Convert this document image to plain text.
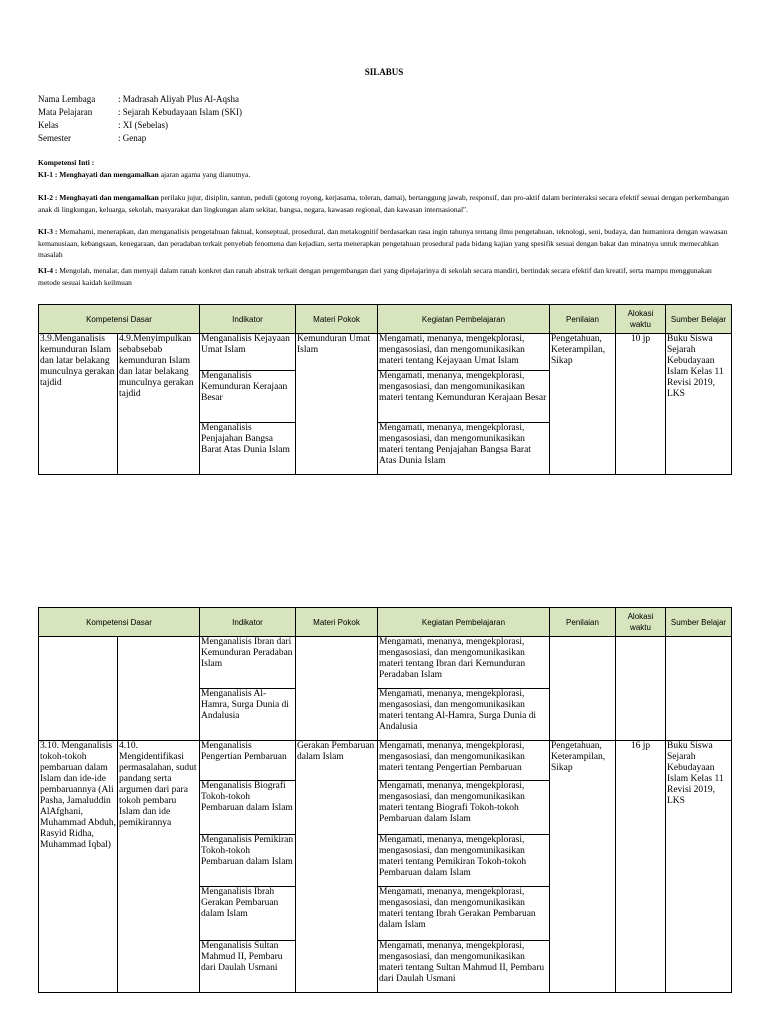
SILABUS
Nama Lembaga	: Madrasah Aliyah Plus Al-Aqsha
Mata Pelajaran	: Sejarah Kebudayaan Islam (SKI)
Kelas	: XI (Sebelas)
Semester	: Genap
Kompetensi Inti :
KI-1 : Menghayati dan mengamalkan ajaran agama yang dianutnya.
KI-2 : Menghayati dan mengamalkan perilaku jujur, disiplin, santun, peduli (gotong royong, kerjasama, toleran, damai), bertanggung jawab, responsif, dan pro-aktif dalam berinteraksi secara efektif sesuai dengan perkembangan anak di lingkungan, keluarga, sekolah, masyarakat dan lingkungan alam sekitar, bangsa, negara, kawasan regional, dan kawasan internasional".
KI-3 : Memahami, menerapkan, dan menganalisis pengetahuan faktual, konseptual, prosedural, dan metakognitif berdasarkan rasa ingin tahunya tentang ilmu pengetahuan, teknologi, seni, budaya, dan humaniora dengan wawasan kemanusiaan, kebangsaan, kenegaraan, dan peradaban terkait penyebab fenomena dan kejadian, serta menerapkan pengetahuan prosedural pada bidang kajian yang spesifik sesuai dengan bakat dan minatnya untuk memecahkan masalah
KI-4 : Mengolah, menalar, dan menyaji dalam ranah konkret dan ranah abstrak terkait dengan pengembangan dari yang dipelajarinya di sekolah secara mandiri, bertindak secara efektif dan kreatif, serta mampu menggunakan metode sesuai kaidah keilmuan
Kompetensi Dasar		Indikator	Materi Pokok	Kegiatan Pembelajaran	Penilaian	Alokasi waktu	Sumber Belajar
3.9.Menganalisis kemunduran Islam dan latar belakang munculnya gerakan tajdid	4.9.Menyimpulkan sebabsebab kemunduran Islam dan latar belakang munculnya gerakan tajdid	Menganalisis Kejayaan Umat Islam	Kemunduran Umat Islam	Mengamati, menanya, mengekplorasi, mengasosiasi, dan mengomunikasikan materi tentang Kejayaan Umat Islam	Pengetahuan, Keterampilan, Sikap	10 jp	Buku Siswa Sejarah Kebudayaan Islam Kelas 11 Revisi 2019, LKS
		Menganalisis Kemunduran Kerajaan Besar		Mengamati, menanya, mengekplorasi, mengasosiasi, dan mengomunikasikan materi tentang Kemunduran Kerajaan Besar			
		Menganalisis Penjajahan Bangsa Barat Atas Dunia Islam		Mengamati, menanya, mengekplorasi, mengasosiasi, dan mengomunikasikan materi tentang Penjajahan Bangsa Barat Atas Dunia Islam			
Kompetensi Dasar		Indikator	Materi Pokok	Kegiatan Pembelajaran	Penilaian	Alokasi waktu	Sumber Belajar
		Menganalisis Ibran dari Kemunduran Peradaban Islam		Mengamati, menanya, mengekplorasi, mengasosiasi, dan mengomunikasikan materi tentang Ibran dari Kemunduran Peradaban Islam			
		Menganalisis Al-Hamra, Surga Dunia di Andalusia		Mengamati, menanya, mengekplorasi, mengasosiasi, dan mengomunikasikan materi tentang Al-Hamra, Surga Dunia di Andalusia			
3.10. Menganalisis tokoh-tokoh pembaruan dalam Islam dan ide-ide pembaruannya (Ali Pasha, Jamaluddin AlAfghani, Muhammad Abduh, Rasyid Ridha, Muhammad Iqbal)	4.10. Mengidentifikasi permasalahan, sudut pandang serta argumen dari para tokoh pembaru Islam dan ide pemikirannya	Menganalisis Pengertian Pembaruan	Gerakan Pembaruan dalam Islam	Mengamati, menanya, mengekplorasi, mengasosiasi, dan mengomunikasikan materi tentang Pengertian Pembaruan	Pengetahuan, Keterampilan, Sikap	16 jp	Buku Siswa Sejarah Kebudayaan Islam Kelas 11 Revisi 2019, LKS
		Menganalisis Biografi Tokoh-tokoh Pembaruan dalam Islam		Mengamati, menanya, mengekplorasi, mengasosiasi, dan mengomunikasikan materi tentang Biografi Tokoh-tokoh Pembaruan dalam Islam			
		Menganalisis Pemikiran Tokoh-tokoh Pembaruan dalam Islam		Mengamati, menanya, mengekplorasi, mengasosiasi, dan mengomunikasikan materi tentang Pemikiran Tokoh-tokoh Pembaruan dalam Islam			
		Menganalisis Ibrah Gerakan Pembaruan dalam Islam		Mengamati, menanya, mengekplorasi, mengasosiasi, dan mengomunikasikan materi tentang Ibrah Gerakan Pembaruan dalam Islam			
		Menganalisis Sultan Mahmud II, Pembaru dari Daulah Usmani		Mengamati, menanya, mengekplorasi, mengasosiasi, dan mengomunikasikan materi tentang Sultan Mahmud II, Pembaru dari Daulah Usmani			
